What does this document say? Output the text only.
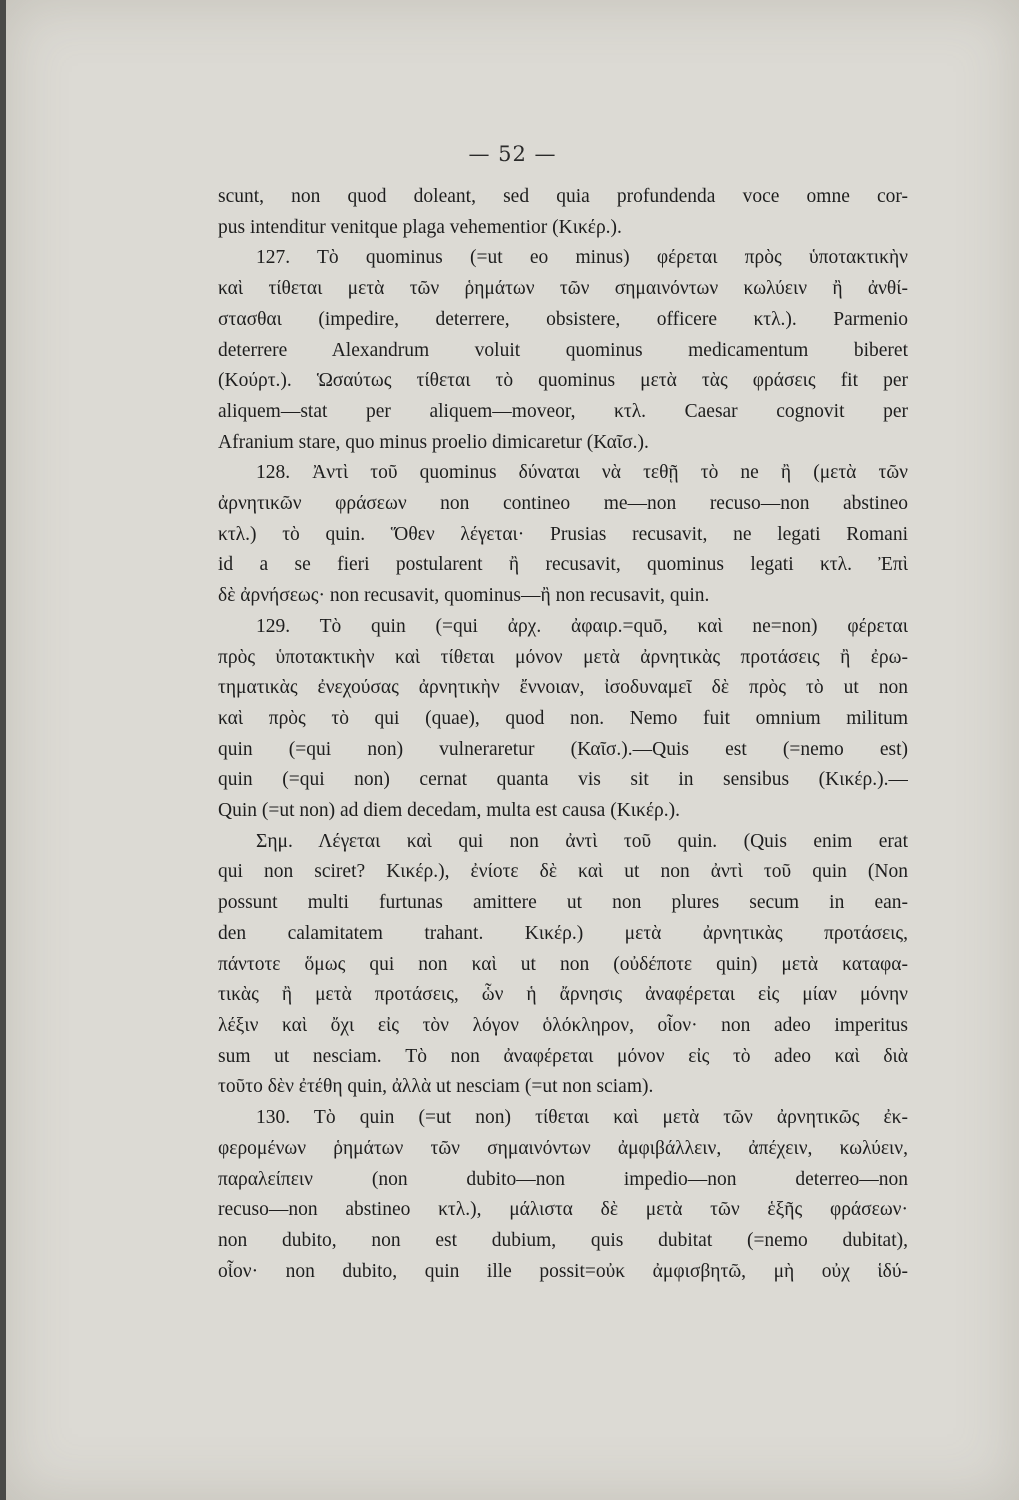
— 52 —
scunt, non quod doleant, sed quia profundenda voce omne cor-
pus intenditur venitque plaga vehementior (Κικέρ.).
127. Τὸ quominus (=ut eo minus) φέρεται πρὸς ὑποτακτικὴν
καὶ τίθεται μετὰ τῶν ῥημάτων τῶν σημαινόντων κωλύειν ἢ ἀνθί-
στασθαι (impedire, deterrere, obsistere, officere κτλ.). Parmenio
deterrere Alexandrum voluit quominus medicamentum biberet
(Κούρτ.). Ὡσαύτως τίθεται τὸ quominus μετὰ τὰς φράσεις fit per
aliquem—stat per aliquem—moveor, κτλ. Caesar cognovit per
Afranium stare, quo minus proelio dimicaretur (Καῖσ.).
128. Ἀντὶ τοῦ quominus δύναται νὰ τεθῇ τὸ ne ἢ (μετὰ τῶν
ἀρνητικῶν φράσεων non contineo me—non recuso—non abstineo
κτλ.) τὸ quin. Ὅθεν λέγεται· Prusias recusavit, ne legati Romani
id a se fieri postularent ἢ recusavit, quominus legati κτλ. Ἐπὶ
δὲ ἀρνήσεως· non recusavit, quominus—ἢ non recusavit, quin.
129. Τὸ quin (=qui ἀρχ. ἀφαιρ.=quō, καὶ ne=non) φέρεται
πρὸς ὑποτακτικὴν καὶ τίθεται μόνον μετὰ ἀρνητικὰς προτάσεις ἢ ἐρω-
τηματικὰς ἐνεχούσας ἀρνητικὴν ἔννοιαν, ἰσοδυναμεῖ δὲ πρὸς τὸ ut non
καὶ πρὸς τὸ qui (quae), quod non. Nemo fuit omnium militum
quin (=qui non) vulneraretur (Καῖσ.).—Quis est (=nemo est)
quin (=qui non) cernat quanta vis sit in sensibus (Κικέρ.).—
Quin (=ut non) ad diem decedam, multa est causa (Κικέρ.).
Σημ. Λέγεται καὶ qui non ἀντὶ τοῦ quin. (Quis enim erat
qui non sciret? Κικέρ.), ἐνίοτε δὲ καὶ ut non ἀντὶ τοῦ quin (Non
possunt multi furtunas amittere ut non plures secum in ean-
den calamitatem trahant. Κικέρ.) μετὰ ἀρνητικὰς προτάσεις,
πάντοτε ὅμως qui non καὶ ut non (οὐδέποτε quin) μετὰ καταφα-
τικὰς ἢ μετὰ προτάσεις, ὧν ἡ ἄρνησις ἀναφέρεται εἰς μίαν μόνην
λέξιν καὶ ὄχι εἰς τὸν λόγον ὁλόκληρον, οἷον· non adeo imperitus
sum ut nesciam. Τὸ non ἀναφέρεται μόνον εἰς τὸ adeo καὶ διὰ
τοῦτο δὲν ἐτέθη quin, ἀλλὰ ut nesciam (=ut non sciam).
130. Τὸ quin (=ut non) τίθεται καὶ μετὰ τῶν ἀρνητικῶς ἐκ-
φερομένων ῥημάτων τῶν σημαινόντων ἀμφιβάλλειν, ἀπέχειν, κωλύειν,
παραλείπειν (non dubito—non impedio—non deterreo—non
recuso—non abstineo κτλ.), μάλιστα δὲ μετὰ τῶν ἑξῆς φράσεων·
non dubito, non est dubium, quis dubitat (=nemo dubitat),
οἷον· non dubito, quin ille possit=οὐκ ἀμφισβητῶ, μὴ οὐχ ἱδύ-
